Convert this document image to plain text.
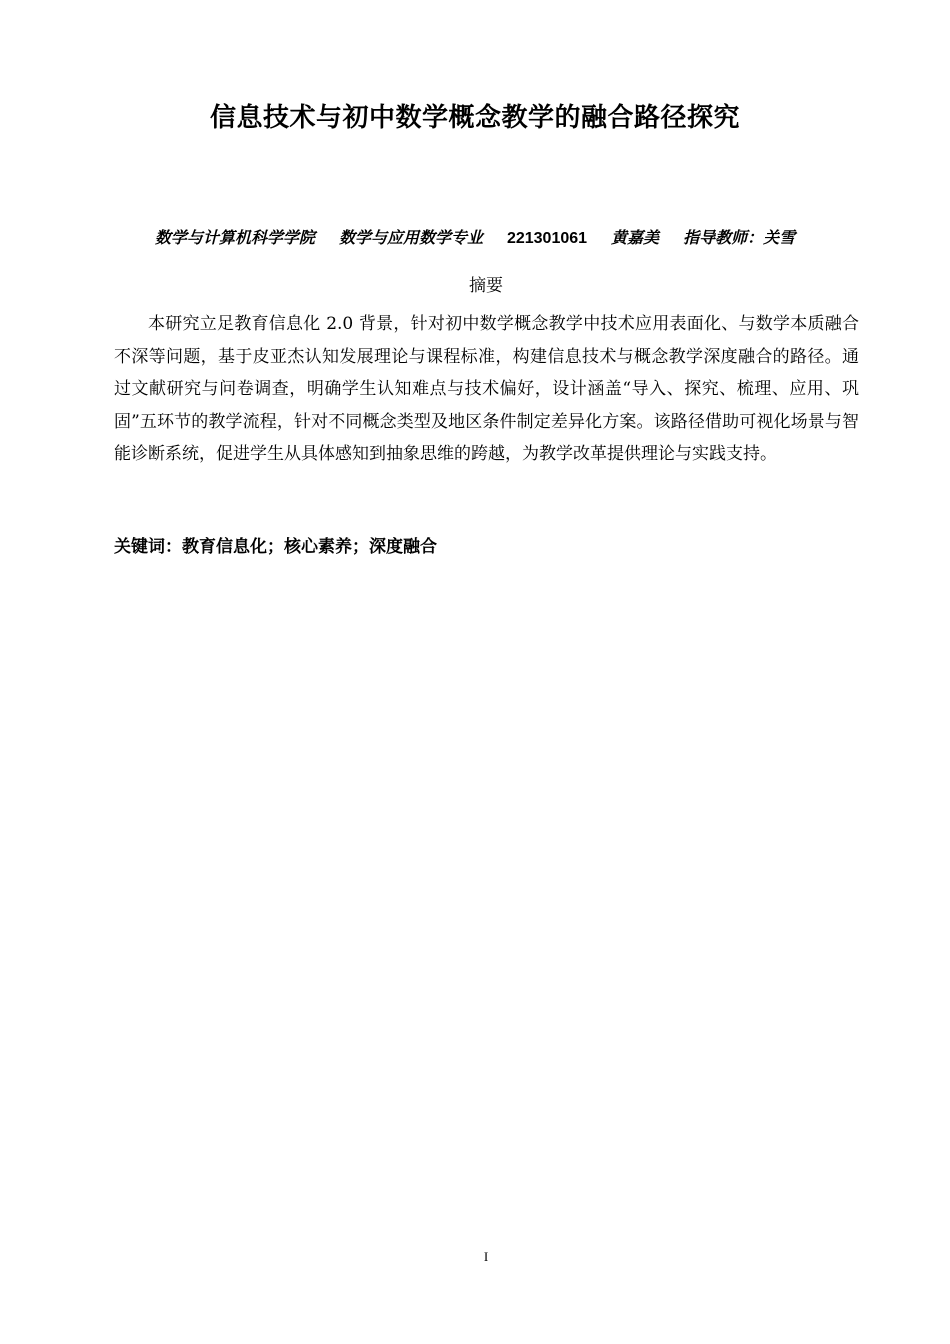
信息技术与初中数学概念教学的融合路径探究
数学与计算机科学学院 数学与应用数学专业 221301061 黄嘉美 指导教师：关雪
摘要

本研究立足教育信息化 2.0 背景，针对初中数学概念教学中技术应用表面化、与数学本质融合不深等问题，基于皮亚杰认知发展理论与课程标准，构建信息技术与概念教学深度融合的路径。通过文献研究与问卷调查，明确学生认知难点与技术偏好，设计涵盖“导入、探究、梳理、应用、巩固”五环节的教学流程，针对不同概念类型及地区条件制定差异化方案。该路径借助可视化场景与智能诊断系统，促进学生从具体感知到抽象思维的跨越，为教学改革提供理论与实践支持。

关键词：教育信息化；核心素养；深度融合

I
